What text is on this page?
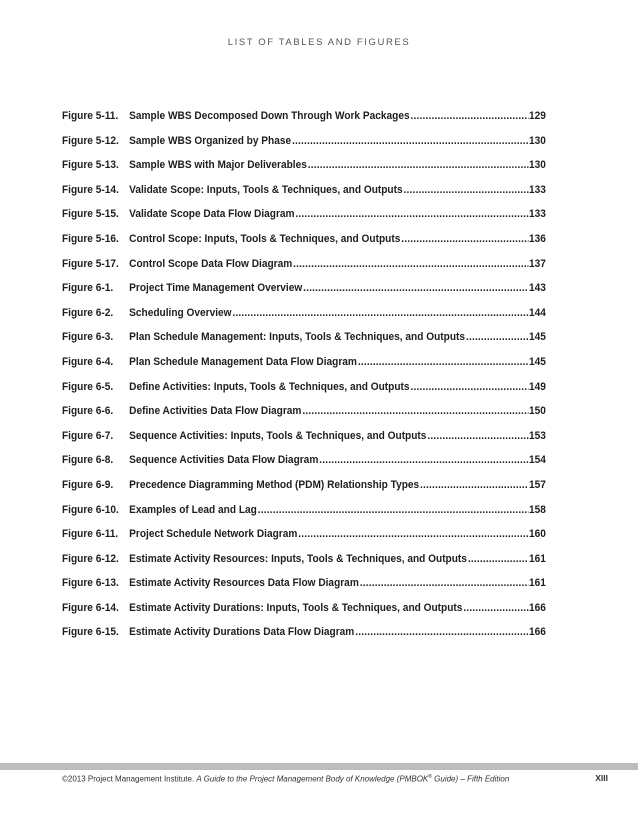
LIST OF TABLES AND FIGURES
Figure 5-11. Sample WBS Decomposed Down Through Work Packages .....	129
Figure 5-12. Sample WBS Organized by Phase .....	130
Figure 5-13. Sample WBS with Major Deliverables .....	130
Figure 5-14. Validate Scope: Inputs, Tools & Techniques, and Outputs .....	133
Figure 5-15. Validate Scope Data Flow Diagram .....	133
Figure 5-16. Control Scope: Inputs, Tools & Techniques, and Outputs .....	136
Figure 5-17. Control Scope Data Flow Diagram .....	137
Figure 6-1.	Project Time Management Overview .....	143
Figure 6-2.	Scheduling Overview .....	144
Figure 6-3.	Plan Schedule Management: Inputs, Tools & Techniques, and Outputs .....	145
Figure 6-4.	Plan Schedule Management Data Flow Diagram .....	145
Figure 6-5.	Define Activities: Inputs, Tools & Techniques, and Outputs .....	149
Figure 6-6.	Define Activities Data Flow Diagram .....	150
Figure 6-7.	Sequence Activities: Inputs, Tools & Techniques, and Outputs .....	153
Figure 6-8.	Sequence Activities Data Flow Diagram .....	154
Figure 6-9.	Precedence Diagramming Method (PDM) Relationship Types .....	157
Figure 6-10. Examples of Lead and Lag .....	158
Figure 6-11. Project Schedule Network Diagram .....	160
Figure 6-12. Estimate Activity Resources: Inputs, Tools & Techniques, and Outputs .....	161
Figure 6-13. Estimate Activity Resources Data Flow Diagram .....	161
Figure 6-14. Estimate Activity Durations: Inputs, Tools & Techniques, and Outputs .....	166
Figure 6-15. Estimate Activity Durations Data Flow Diagram .....	166
©2013 Project Management Institute. A Guide to the Project Management Body of Knowledge (PMBOK® Guide) – Fifth Edition	XIII
